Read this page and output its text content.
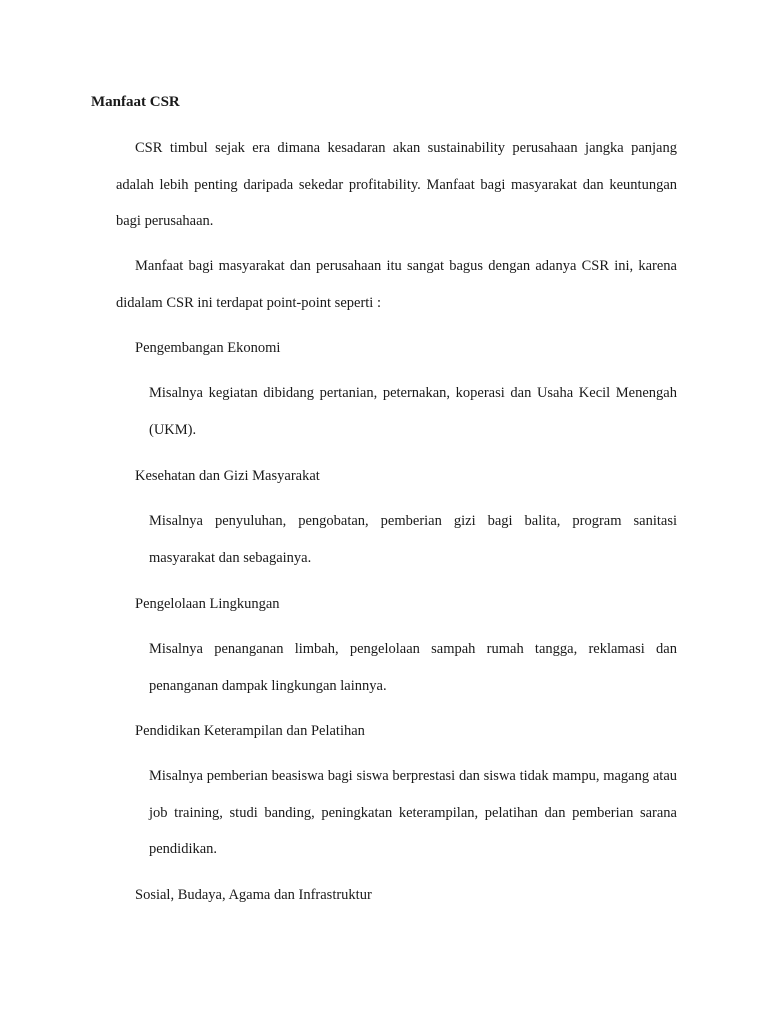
Manfaat CSR

CSR timbul sejak era dimana kesadaran akan sustainability perusahaan jangka panjang adalah lebih penting daripada sekedar profitability. Manfaat bagi masyarakat dan keuntungan bagi perusahaan.

Manfaat bagi masyarakat dan perusahaan itu sangat bagus dengan adanya CSR ini, karena didalam CSR ini terdapat point-point seperti :

Pengembangan Ekonomi

Misalnya kegiatan dibidang pertanian, peternakan, koperasi dan Usaha Kecil Menengah (UKM).

Kesehatan dan Gizi Masyarakat

Misalnya penyuluhan, pengobatan, pemberian gizi bagi balita, program sanitasi masyarakat dan sebagainya.

Pengelolaan Lingkungan

Misalnya penanganan limbah, pengelolaan sampah rumah tangga, reklamasi dan penanganan dampak lingkungan lainnya.

Pendidikan Keterampilan dan Pelatihan

Misalnya pemberian beasiswa bagi siswa berprestasi dan siswa tidak mampu, magang atau job training, studi banding, peningkatan keterampilan, pelatihan dan pemberian sarana pendidikan.

Sosial, Budaya, Agama dan Infrastruktur
